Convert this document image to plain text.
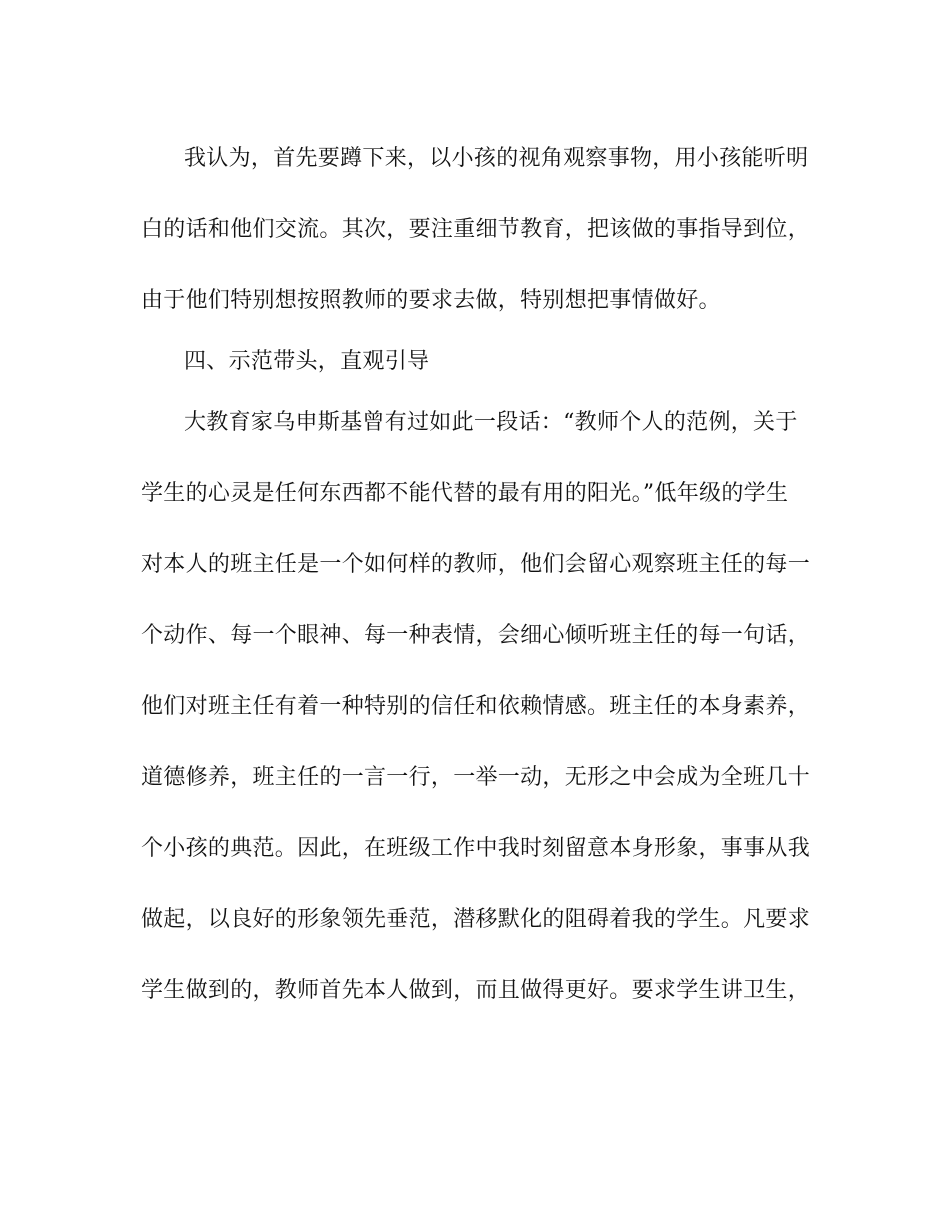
我认为，首先要蹲下来，以小孩的视角观察事物，用小孩能听明
白的话和他们交流。其次，要注重细节教育，把该做的事指导到位，
由于他们特别想按照教师的要求去做，特别想把事情做好。
四、示范带头，直观引导
大教育家乌申斯基曾有过如此一段话：“教师个人的范例，关于
学生的心灵是任何东西都不能代替的最有用的阳光。”低年级的学生
对本人的班主任是一个如何样的教师，他们会留心观察班主任的每一
个动作、每一个眼神、每一种表情，会细心倾听班主任的每一句话，
他们对班主任有着一种特别的信任和依赖情感。班主任的本身素养，
道德修养，班主任的一言一行，一举一动，无形之中会成为全班几十
个小孩的典范。因此，在班级工作中我时刻留意本身形象，事事从我
做起，以良好的形象领先垂范，潜移默化的阻碍着我的学生。凡要求
学生做到的，教师首先本人做到，而且做得更好。要求学生讲卫生，
